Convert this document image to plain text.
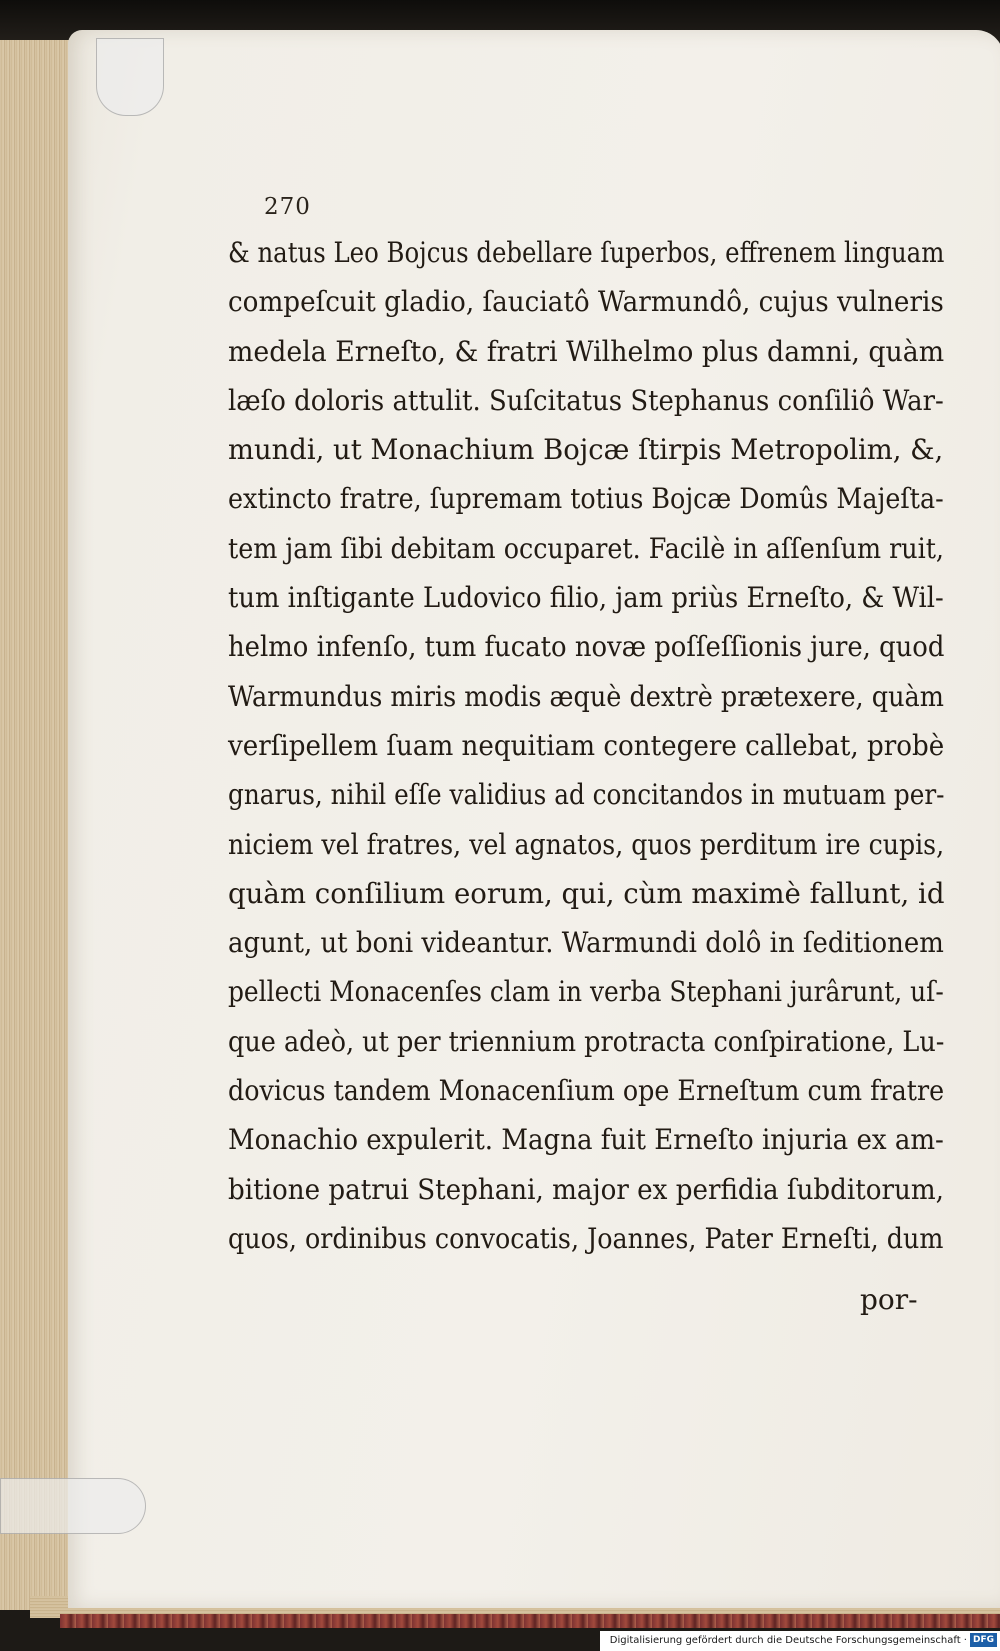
270
& natus Leo Bojcus debellare ſuperbos, effrenem linguam
compeſcuit gladio, ſauciatô Warmundô, cujus vulneris
medela Erneſto, & fratri Wilhelmo plus damni, quàm
læſo doloris attulit. Suſcitatus Stephanus conſiliô War-
mundi, ut Monachium Bojcæ ſtirpis Metropolim, &,
extincto fratre, ſupremam totius Bojcæ Domûs Majeſta-
tem jam ſibi debitam occuparet. Facilè in aſſenſum ruit,
tum inſtigante Ludovico filio, jam priùs Erneſto, & Wil-
helmo infenſo, tum fucato novæ poſſeſſionis jure, quod
Warmundus miris modis æquè dextrè prætexere, quàm
verſipellem ſuam nequitiam contegere callebat, probè
gnarus, nihil eſſe validius ad concitandos in mutuam per-
niciem vel fratres, vel agnatos, quos perditum ire cupis,
quàm conſilium eorum, qui, cùm maximè fallunt, id
agunt, ut boni videantur. Warmundi dolô in ſeditionem
pellecti Monacenſes clam in verba Stephani jurârunt, uſ-
que adeò, ut per triennium protracta conſpiratione, Lu-
dovicus tandem Monacenſium ope Erneſtum cum fratre
Monachio expulerit. Magna fuit Erneſto injuria ex am-
bitione patrui Stephani, major ex perfidia ſubditorum,
quos, ordinibus convocatis, Joannes, Pater Erneſti, dum
por-
Digitalisierung gefördert durch die Deutsche Forschungsgemeinschaft · DFG
